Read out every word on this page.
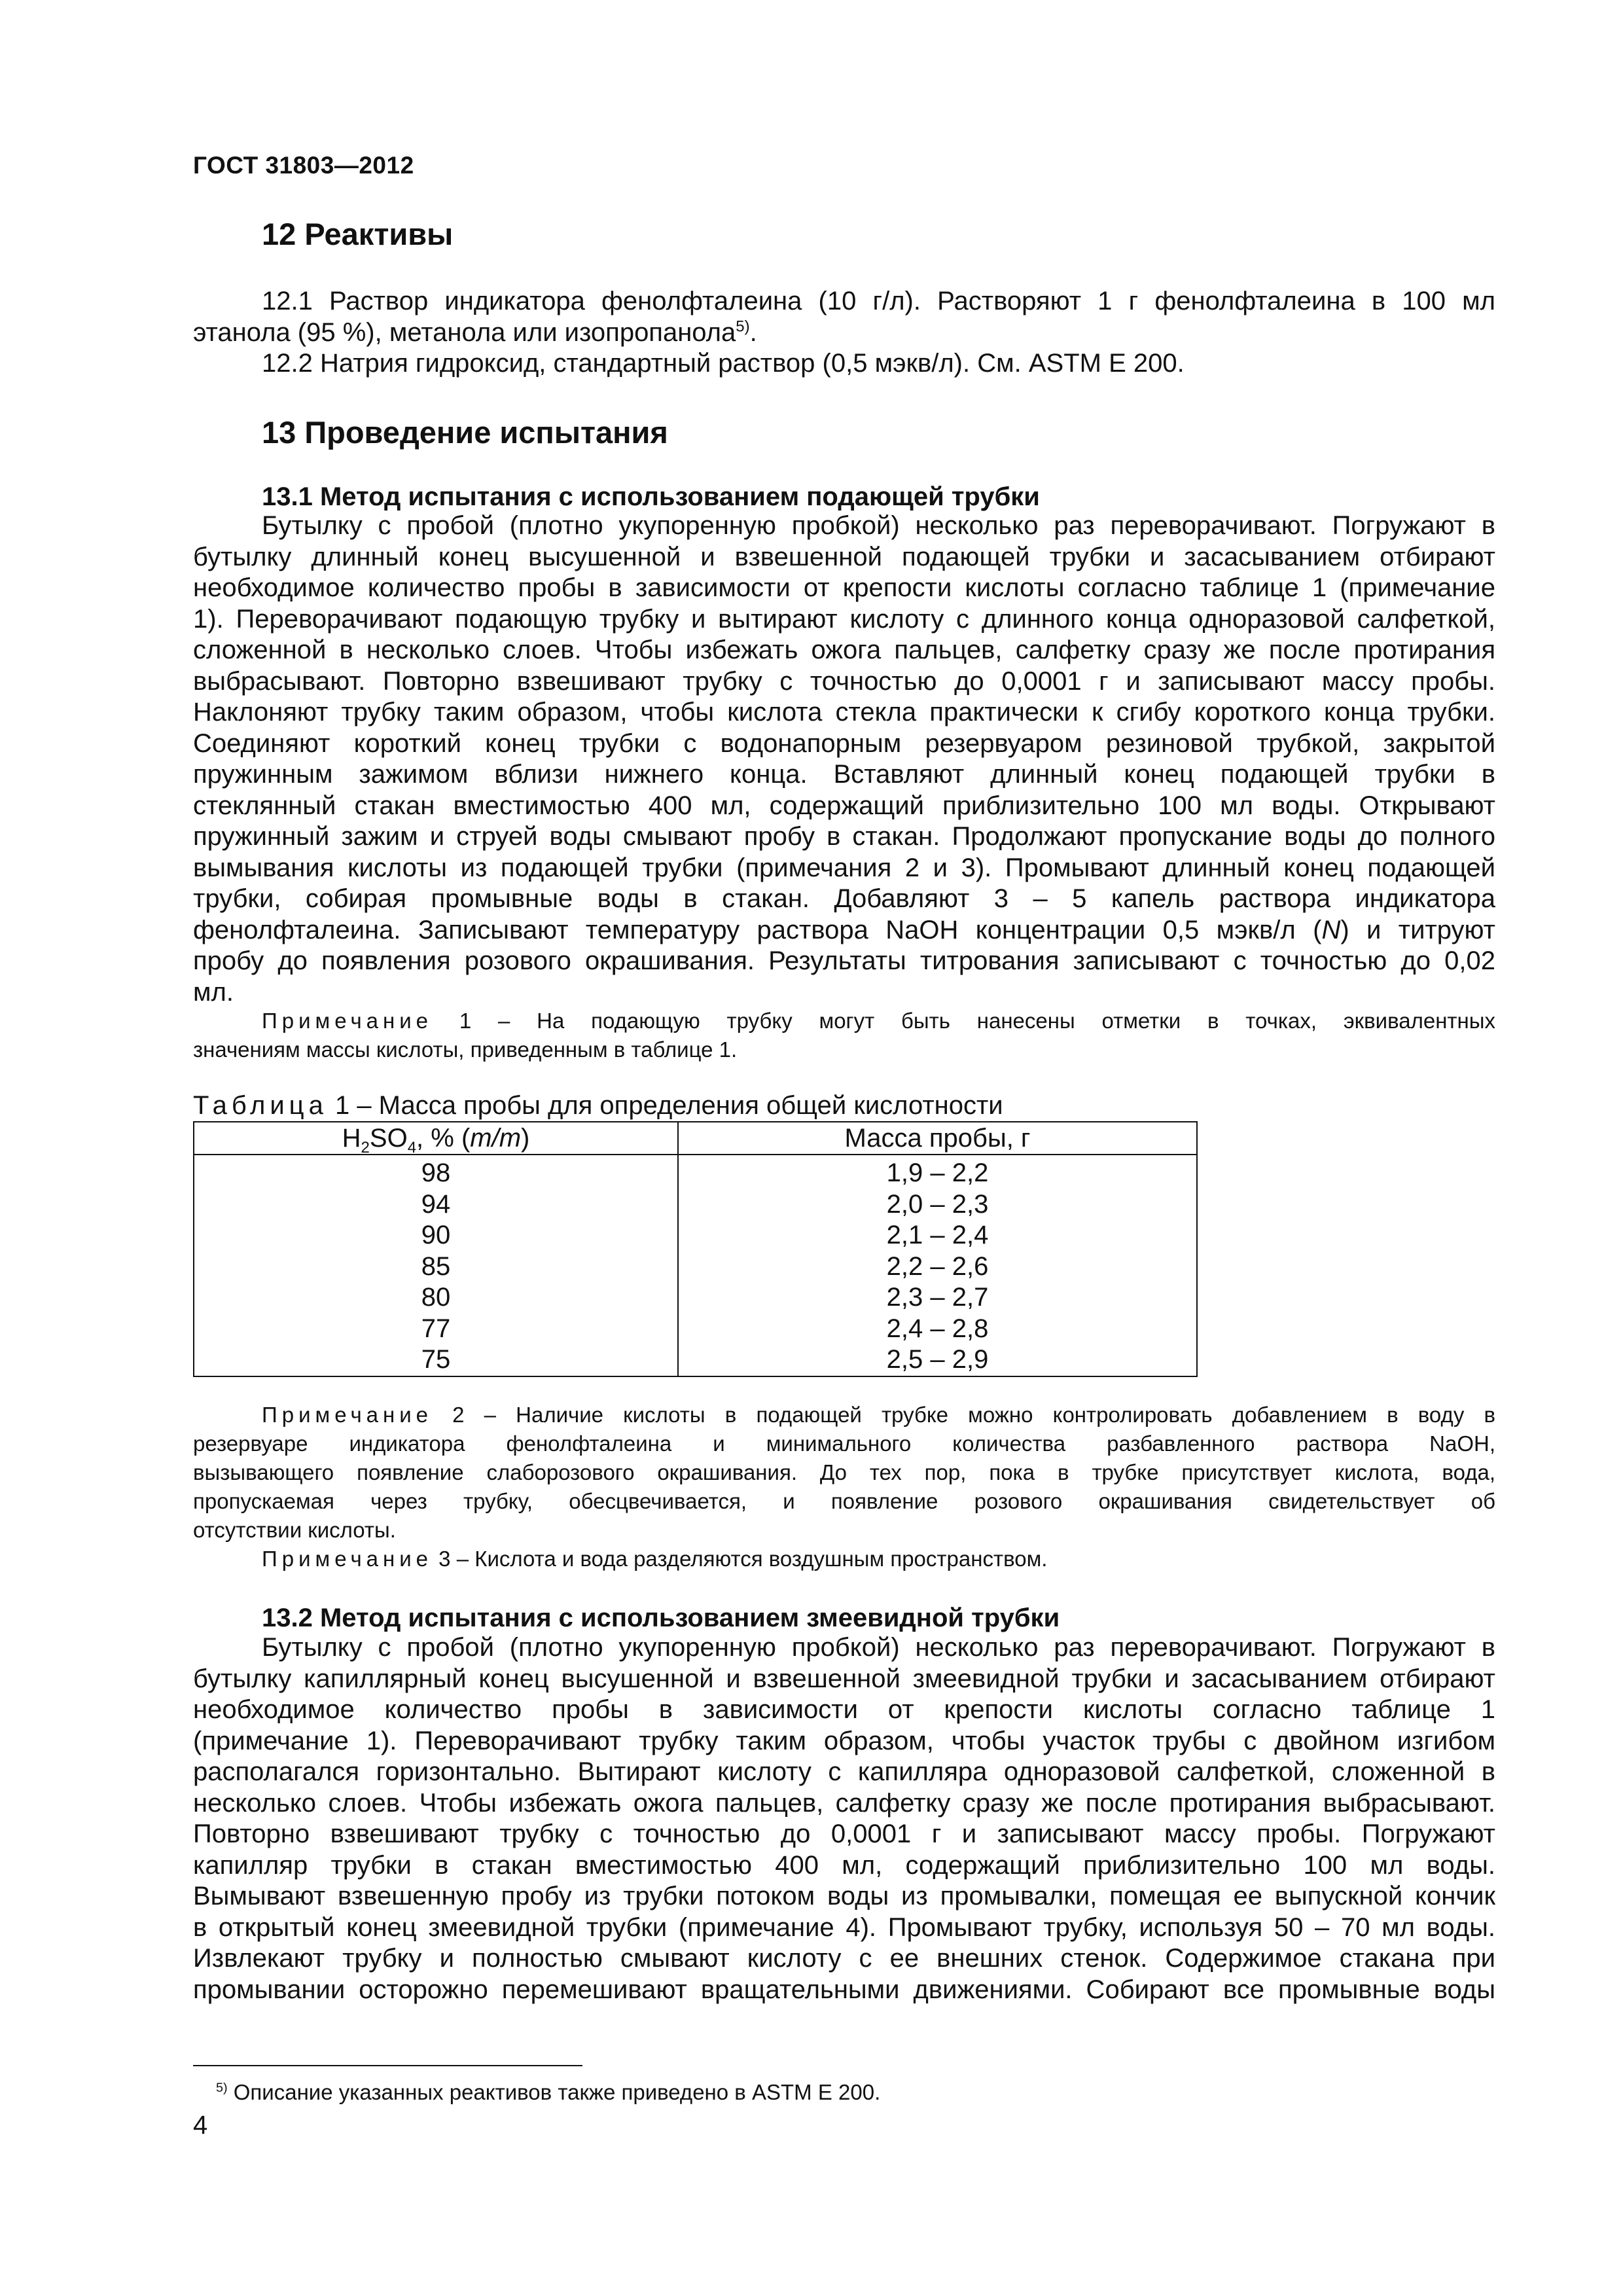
ГОСТ 31803—2012
12 Реактивы
12.1 Раствор индикатора фенолфталеина (10 г/л). Растворяют 1 г фенолфталеина в 100 мл
этанола (95 %), метанола или изопропанола$^{5)}$.
12.2 Натрия гидроксид, стандартный раствор (0,5 мэкв/л). См. ASTM E 200.
13 Проведение испытания
13.1 Метод испытания с использованием подающей трубки
Бутылку с пробой (плотно укупоренную пробкой) несколько раз переворачивают. Погружают в
бутылку длинный конец высушенной и взвешенной подающей трубки и засасыванием отбирают
необходимое количество пробы в зависимости от крепости кислоты согласно таблице 1 (примечание
1). Переворачивают подающую трубку и вытирают кислоту с длинного конца одноразовой салфеткой,
сложенной в несколько слоев. Чтобы избежать ожога пальцев, салфетку сразу же после протирания
выбрасывают. Повторно взвешивают трубку с точностью до 0,0001 г и записывают массу пробы.
Наклоняют трубку таким образом, чтобы кислота стекла практически к сгибу короткого конца трубки.
Соединяют короткий конец трубки с водонапорным резервуаром резиновой трубкой, закрытой
пружинным зажимом вблизи нижнего конца. Вставляют длинный конец подающей трубки в
стеклянный стакан вместимостью 400 мл, содержащий приблизительно 100 мл воды. Открывают
пружинный зажим и струей воды смывают пробу в стакан. Продолжают пропускание воды до полного
вымывания кислоты из подающей трубки (примечания 2 и 3). Промывают длинный конец подающей
трубки, собирая промывные воды в стакан. Добавляют 3 – 5 капель раствора индикатора
фенолфталеина. Записывают температуру раствора NaOH концентрации 0,5 мэкв/л (N) и титруют
пробу до появления розового окрашивания. Результаты титрования записывают с точностью до 0,02
мл.
Примечание 1 – На подающую трубку могут быть нанесены отметки в точках, эквивалентных
значениям массы кислоты, приведенным в таблице 1.
Таблица 1 – Масса пробы для определения общей кислотности
$H_2SO_4$, % (m/m)	Масса пробы, г
98	1,9 – 2,2
94	2,0 – 2,3
90	2,1 – 2,4
85	2,2 – 2,6
80	2,3 – 2,7
77	2,4 – 2,8
75	2,5 – 2,9
Примечание 2 – Наличие кислоты в подающей трубке можно контролировать добавлением в воду в
резервуаре индикатора фенолфталеина и минимального количества разбавленного раствора NaOH,
вызывающего появление слаборозового окрашивания. До тех пор, пока в трубке присутствует кислота, вода,
пропускаемая через трубку, обесцвечивается, и появление розового окрашивания свидетельствует об
отсутствии кислоты.
Примечание 3 – Кислота и вода разделяются воздушным пространством.
13.2 Метод испытания с использованием змеевидной трубки
Бутылку с пробой (плотно укупоренную пробкой) несколько раз переворачивают. Погружают в
бутылку капиллярный конец высушенной и взвешенной змеевидной трубки и засасыванием отбирают
необходимое количество пробы в зависимости от крепости кислоты согласно таблице 1
(примечание 1). Переворачивают трубку таким образом, чтобы участок трубы с двойном изгибом
располагался горизонтально. Вытирают кислоту с капилляра одноразовой салфеткой, сложенной в
несколько слоев. Чтобы избежать ожога пальцев, салфетку сразу же после протирания выбрасывают.
Повторно взвешивают трубку с точностью до 0,0001 г и записывают массу пробы. Погружают
капилляр трубки в стакан вместимостью 400 мл, содержащий приблизительно 100 мл воды.
Вымывают взвешенную пробу из трубки потоком воды из промывалки, помещая ее выпускной кончик
в открытый конец змеевидной трубки (примечание 4). Промывают трубку, используя 50 – 70 мл воды.
Извлекают трубку и полностью смывают кислоту с ее внешних стенок. Содержимое стакана при
промывании осторожно перемешивают вращательными движениями. Собирают все промывные воды
$^{5)}$ Описание указанных реактивов также приведено в ASTM E 200.
4
